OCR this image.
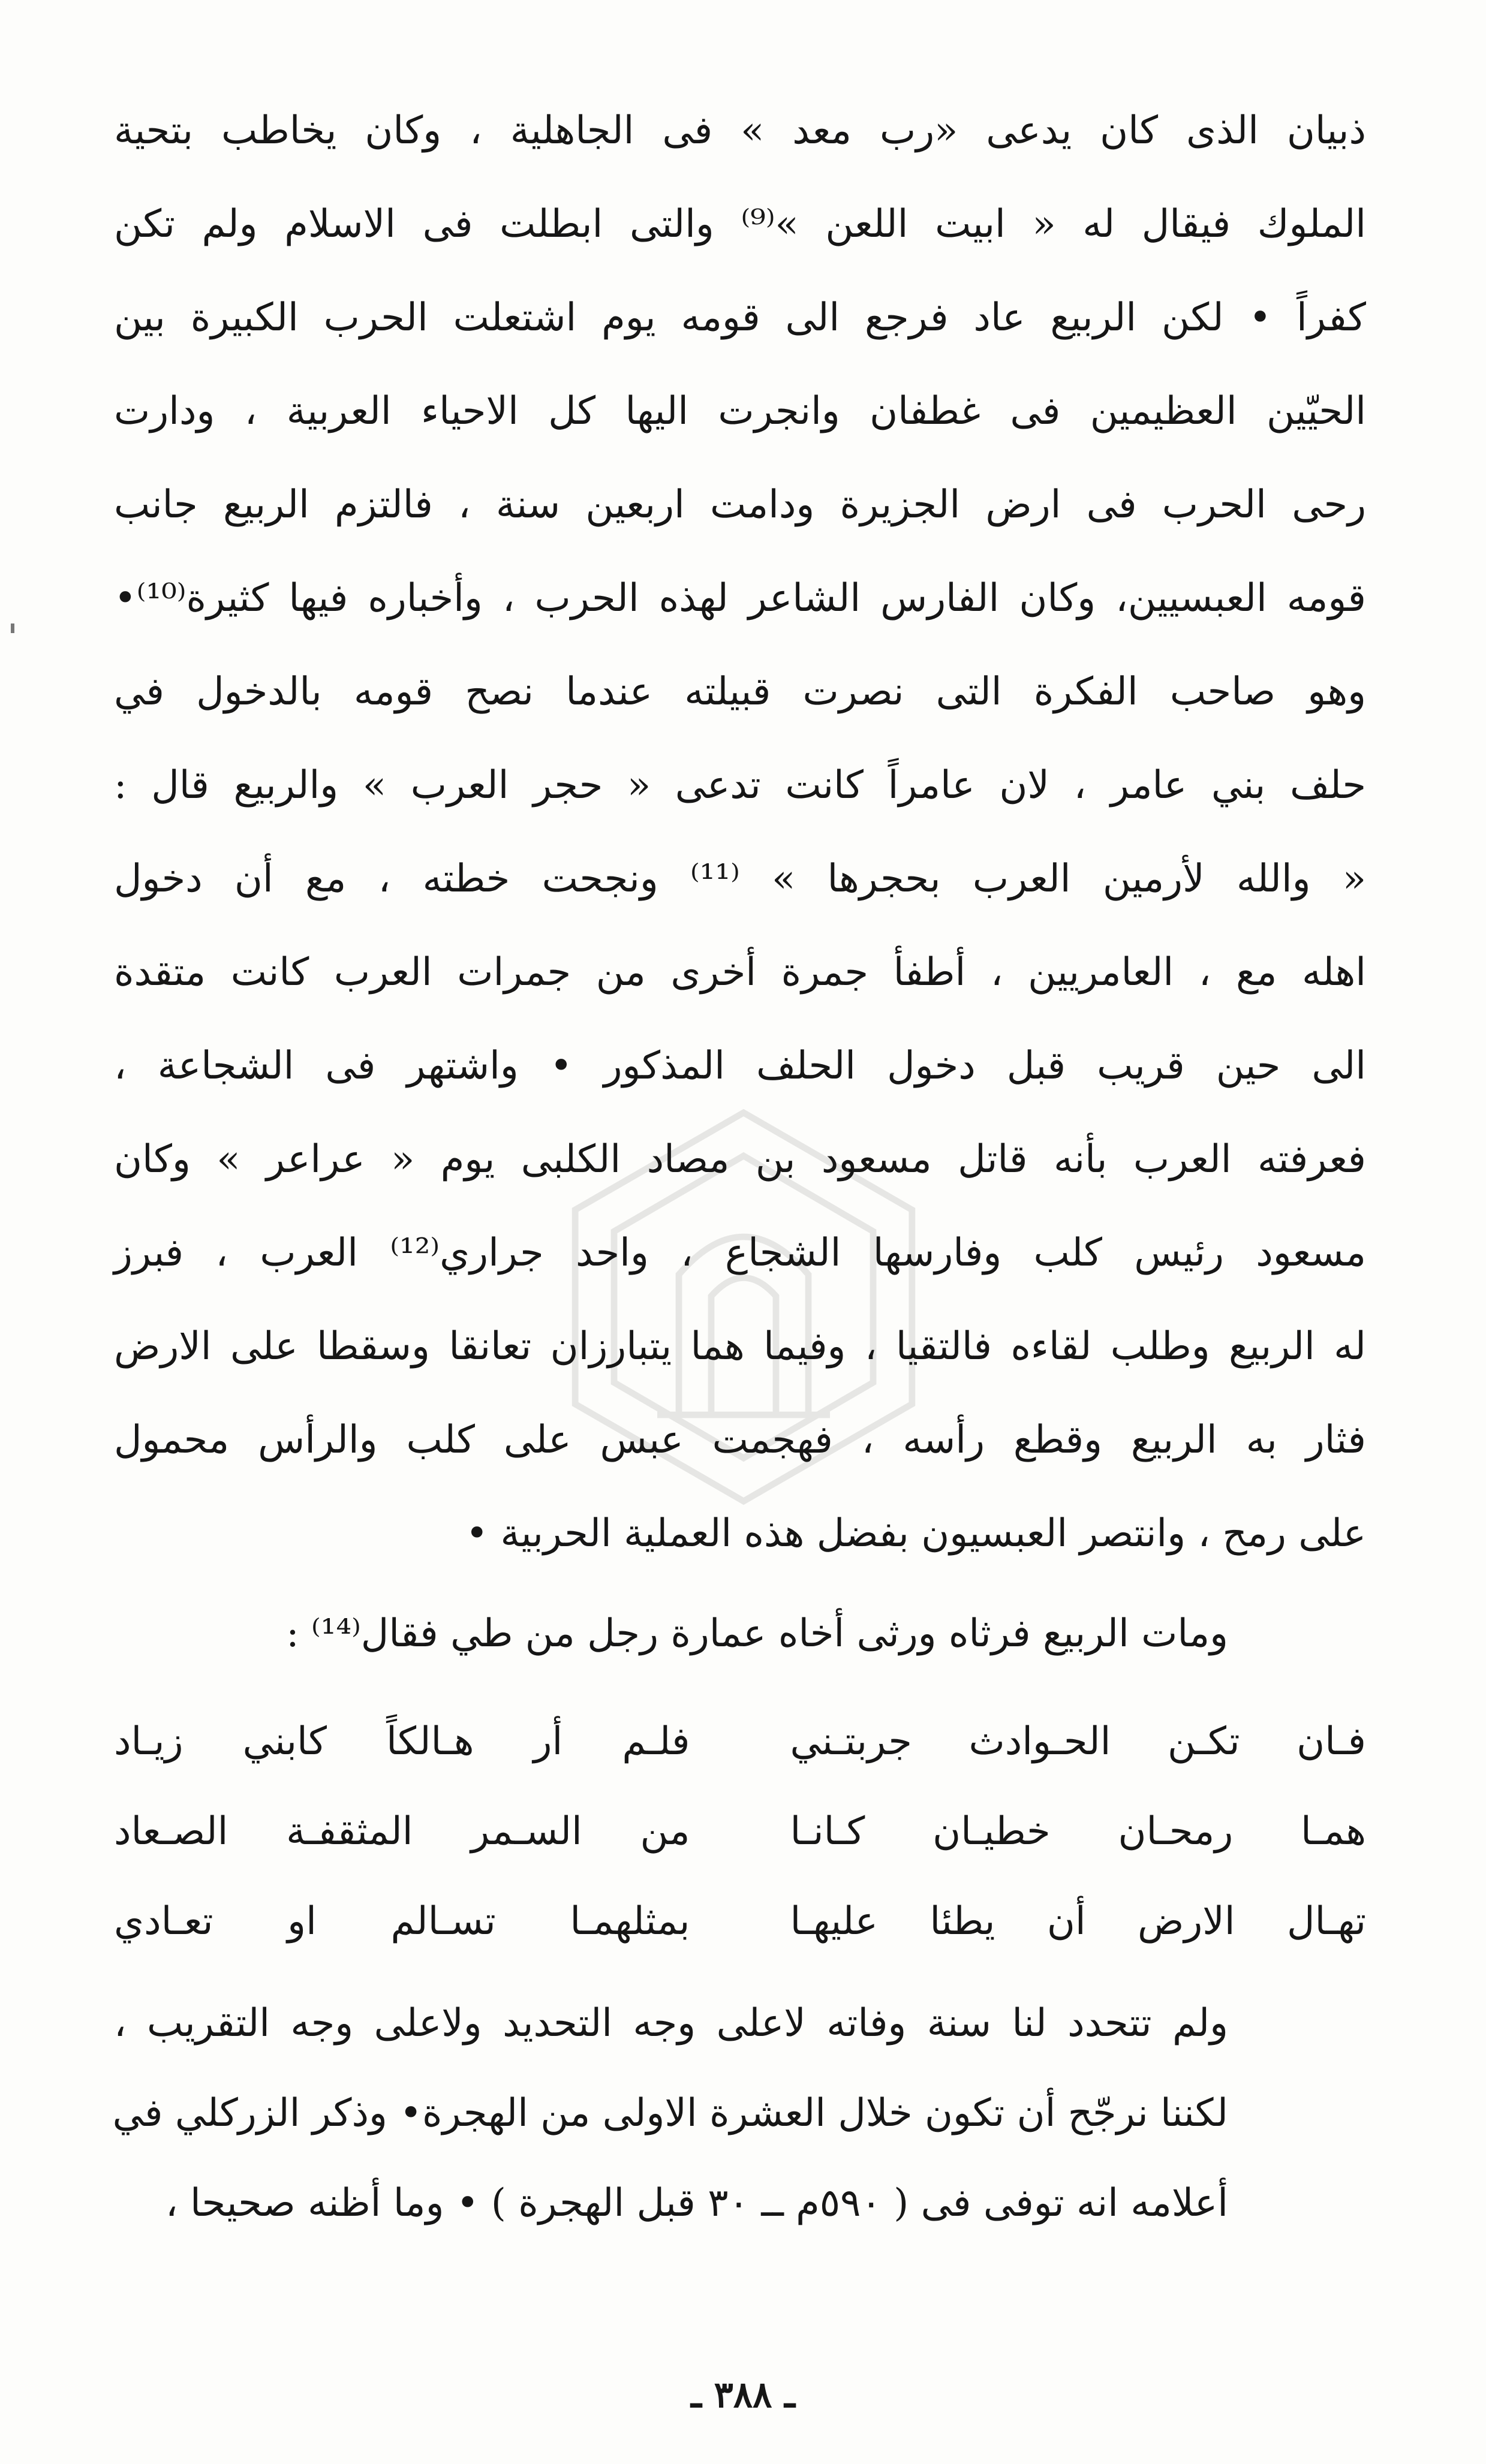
ذبيان الذى كان يدعى «رب معد » فى الجاهلية ، وكان يخاطب بتحية
الملوك فيقال له « ابيت اللعن »⁽⁹⁾ والتى ابطلت فى الاسلام ولم تكن
كفراً • لكن الربيع عاد فرجع الى قومه يوم اشتعلت الحرب الكبيرة بين
الحيّين العظيمين فى غطفان وانجرت اليها كل الاحياء العربية ، ودارت
رحى الحرب فى ارض الجزيرة ودامت اربعين سنة ، فالتزم الربيع جانب
قومه العبسيين، وكان الفارس الشاعر لهذه الحرب ، وأخباره فيها كثيرة⁽¹⁰⁾•
وهو صاحب الفكرة التى نصرت قبيلته عندما نصح قومه بالدخول في
حلف بني عامر ، لان عامراً كانت تدعى « حجر العرب » والربيع قال :
« والله لأرمين العرب بحجرها » ⁽¹¹⁾ ونجحت خطته ، مع أن دخول
اهله مع ، العامريين ، أطفأ جمرة أخرى من جمرات العرب كانت متقدة
الى حين قريب قبل دخول الحلف المذكور • واشتهر فى الشجاعة ،
فعرفته العرب بأنه قاتل مسعود بن مصاد الكلبى يوم « عراعر » وكان
مسعود رئيس كلب وفارسها الشجاع ، واحد جراري⁽¹²⁾ العرب ، فبرز
له الربيع وطلب لقاءه فالتقيا ، وفيما هما يتبارزان تعانقا وسقطا على الارض
فثار به الربيع وقطع رأسه ، فهجمت عبس على كلب والرأس محمول
على رمح ، وانتصر العبسيون بفضل هذه العملية الحربية •
ومات الربيع فرثاه ورثى أخاه عمارة رجل من طي فقال⁽¹⁴⁾ :
فـان تكـن الحـوادث جربتـني
فلـم أر هـالكاً كابني زيـاد
همـا رمحـان خطيـان كـانـا
من السـمر المثقفـة الصـعاد
تهـال الارض أن يطئا عليهـا
بمثلهمـا تسـالم او تعـادي
ولم تتحدد لنا سنة وفاته لاعلى وجه التحديد ولاعلى وجه التقريب ،
لكننا نرجّح أن تكون خلال العشرة الاولى من الهجرة• وذكر الزركلي في
أعلامه انه توفى فى ( ٥٩٠م ــ ٣٠ قبل الهجرة ) • وما أظنه صحيحا ،
ـ ٣٨٨ ـ
